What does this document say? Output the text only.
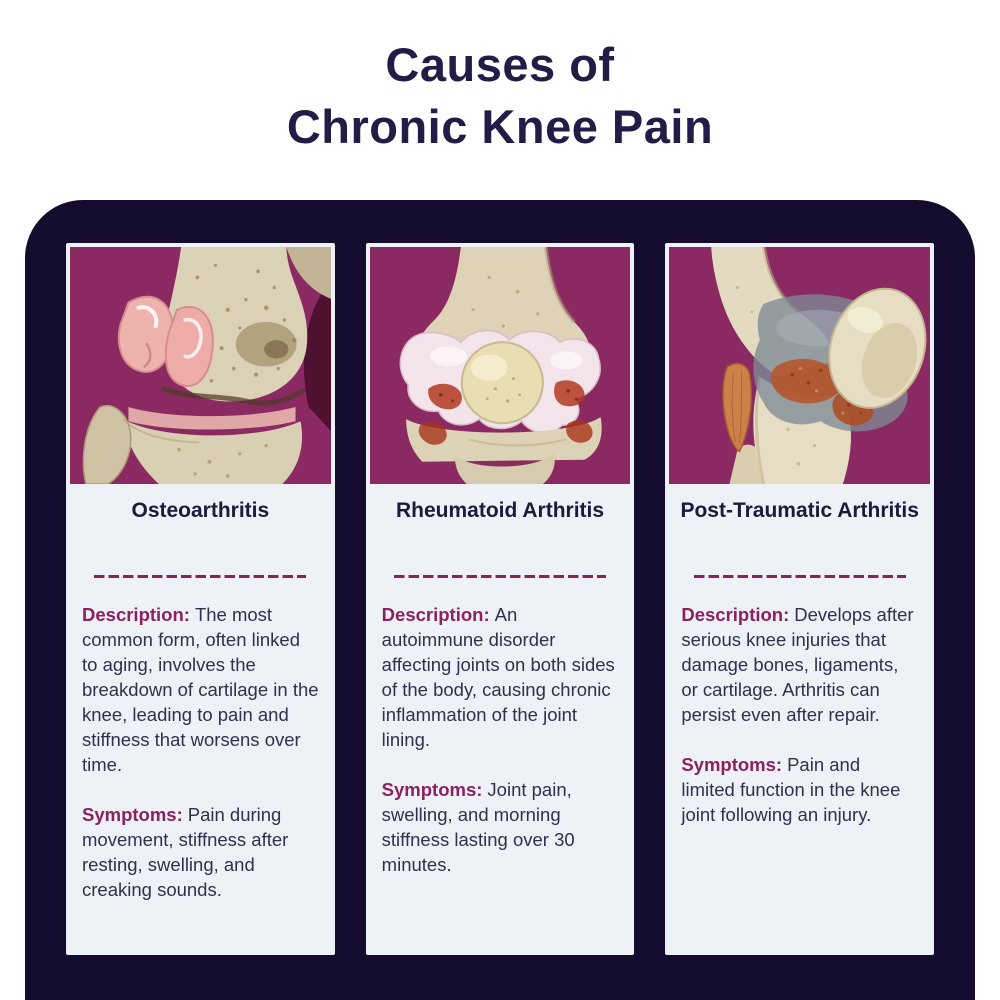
Causes of
Chronic Knee Pain
Osteoarthritis

Description: The most common form, often linked to aging, involves the breakdown of cartilage in the knee, leading to pain and stiffness that worsens over time.

Symptoms: Pain during movement, stiffness after resting, swelling, and creaking sounds.

Rheumatoid Arthritis

Description: An autoimmune disorder affecting joints on both sides of the body, causing chronic inflammation of the joint lining.

Symptoms: Joint pain, swelling, and morning stiffness lasting over 30 minutes.

Post-Traumatic Arthritis

Description: Develops after serious knee injuries that damage bones, ligaments, or cartilage. Arthritis can persist even after repair.

Symptoms: Pain and limited function in the knee joint following an injury.
